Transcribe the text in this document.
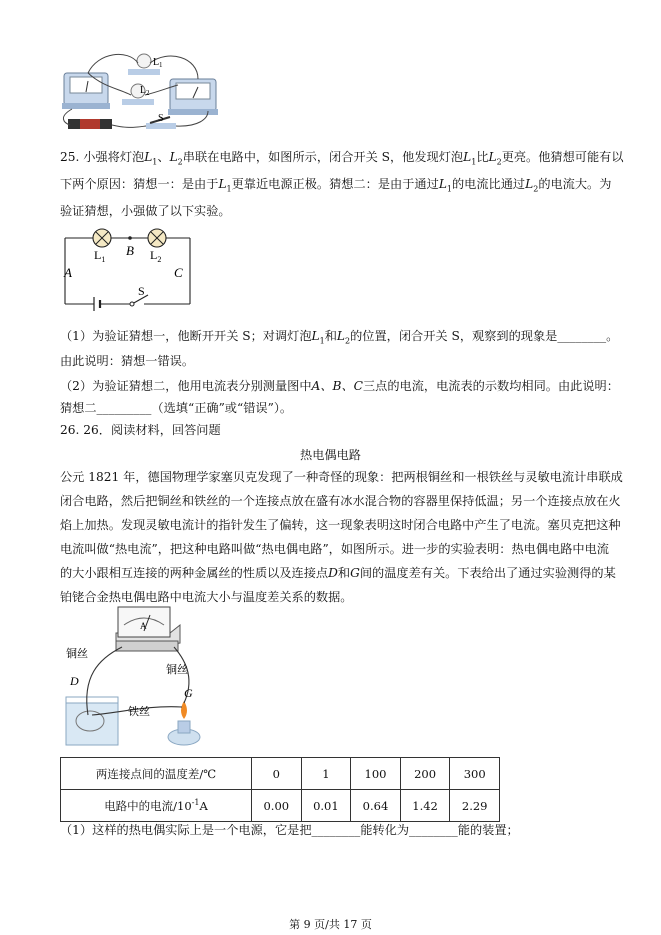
L 1
L 2
S
25. 小强将灯泡$L_1$、$L_2$串联在电路中，如图所示，闭合开关 S，他发现灯泡$L_1$比$L_2$更亮。他猜想可能有以
下两个原因：猜想一：是由于$L_1$更靠近电源正极。猜想二：是由于通过$L_1$的电流比通过$L_2$的电流大。为
验证猜想，小强做了以下实验。
A
B
C
$L_1$	$L_2$
S
（1）为验证猜想一，他断开开关 S；对调灯泡$L_1$和$L_2$的位置，闭合开关 S，观察到的现象是________。
由此说明：猜想一错误。
（2）为验证猜想二，他用电流表分别测量图中A、B、C三点的电流，电流表的示数均相同。由此说明：
猜想二_________（选填“正确”或“错误”）。
26. 26．阅读材料，回答问题
热电偶电路
公元 1821 年，德国物理学家塞贝克发现了一种奇怪的现象：把两根铜丝和一根铁丝与灵敏电流计串联成
闭合电路，然后把铜丝和铁丝的一个连接点放在盛有冰水混合物的容器里保持低温；另一个连接点放在火
焰上加热。发现灵敏电流计的指针发生了偏转，这一现象表明这时闭合电路中产生了电流。塞贝克把这种
电流叫做“热电流”，把这种电路叫做“热电偶电路”，如图所示。进一步的实验表明：热电偶电路中电流
的大小跟相互连接的两种金属丝的性质以及连接点D和G间的温度差有关。下表给出了通过实验测得的某
铂铑合金热电偶电路中电流大小与温度差关系的数据。
A
铜丝
铜丝
铁丝
D
G
两连接点间的温度差/℃	0	1	100	200	300
电路中的电流$/10^{-1}A$	0.00	0.01	0.64	1.42	2.29
（1）这样的热电偶实际上是一个电源，它是把________能转化为________能的装置；
第 9 页/共 17 页
